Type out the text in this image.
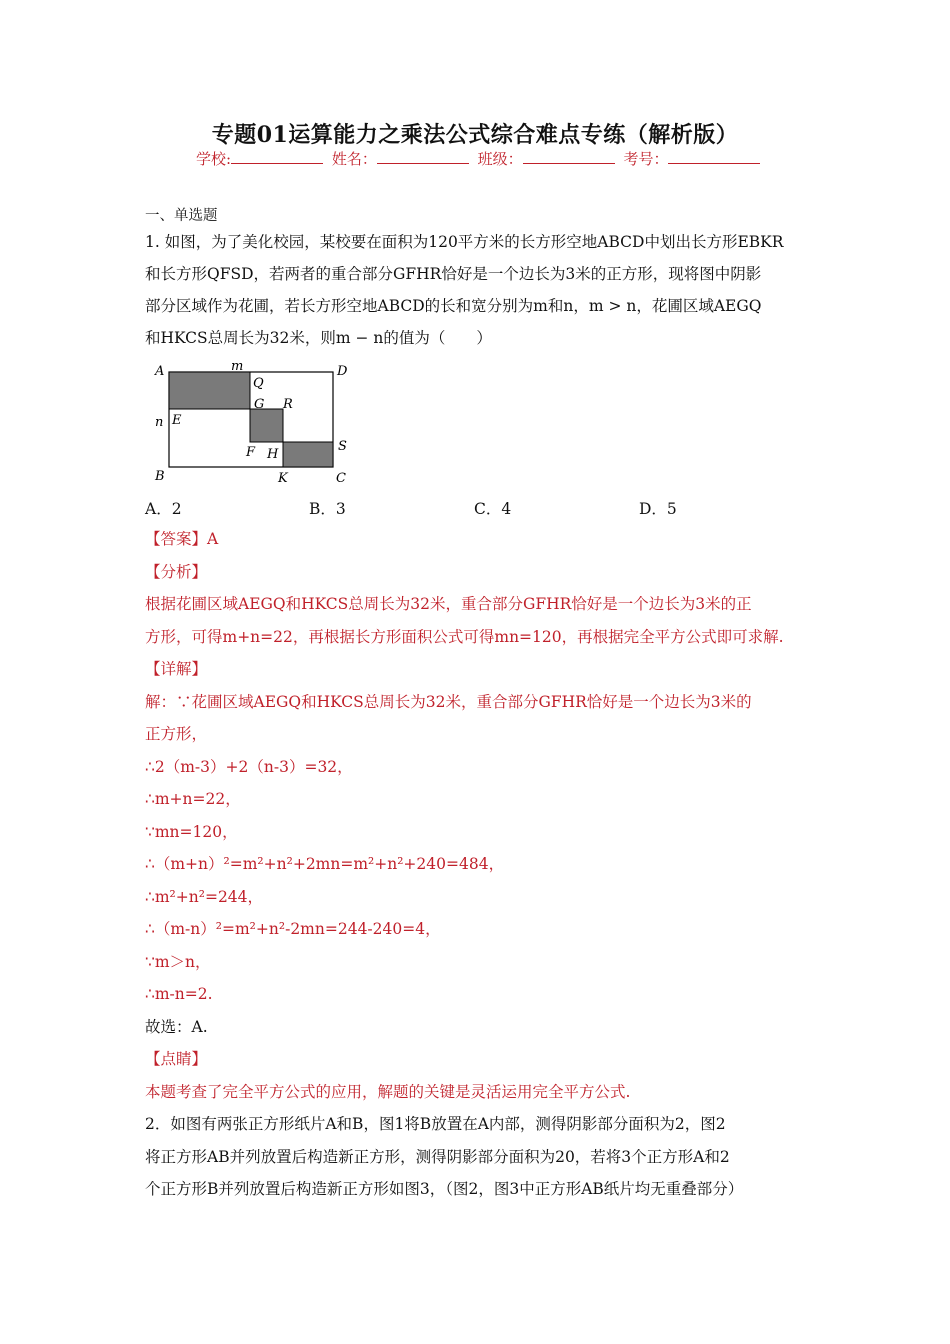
专题01运算能力之乘法公式综合难点专练（解析版）
学校:	姓名：	班级：	考号：
一、单选题
1. 如图，为了美化校园，某校要在面积为120平方米的长方形空地ABCD中划出长方形EBKR
和长方形QFSD，若两者的重合部分GFHR恰好是一个边长为3米的正方形，现将图中阴影
部分区域作为花圃，若长方形空地ABCD的长和宽分别为m和n，m > n，花圃区域AEGQ
和HKCS总周长为32米，则m − n的值为（　　）
A	m
Q
D
G R
n E
S
F H
B	K	C
A．2	B．3	C．4	D．5
【答案】A
【分析】
根据花圃区域AEGQ和HKCS总周长为32米，重合部分GFHR恰好是一个边长为3米的正
方形，可得m+n=22，再根据长方形面积公式可得mn=120，再根据完全平方公式即可求解.
【详解】
解：∵花圃区域AEGQ和HKCS总周长为32米，重合部分GFHR恰好是一个边长为3米的
正方形，
∴2（m-3）+2（n-3）=32，
∴m+n=22，
∵mn=120，
∴（m+n）²=m²+n²+2mn=m²+n²+240=484，
∴m²+n²=244，
∴（m-n）²=m²+n²-2mn=244-240=4，
∵m＞n，
∴m-n=2.
故选：A.
【点睛】
本题考查了完全平方公式的应用，解题的关键是灵活运用完全平方公式.
2．如图有两张正方形纸片A和B，图1将B放置在A内部，测得阴影部分面积为2，图2
将正方形AB并列放置后构造新正方形，测得阴影部分面积为20，若将3个正方形A和2
个正方形B并列放置后构造新正方形如图3，（图2，图3中正方形AB纸片均无重叠部分）
